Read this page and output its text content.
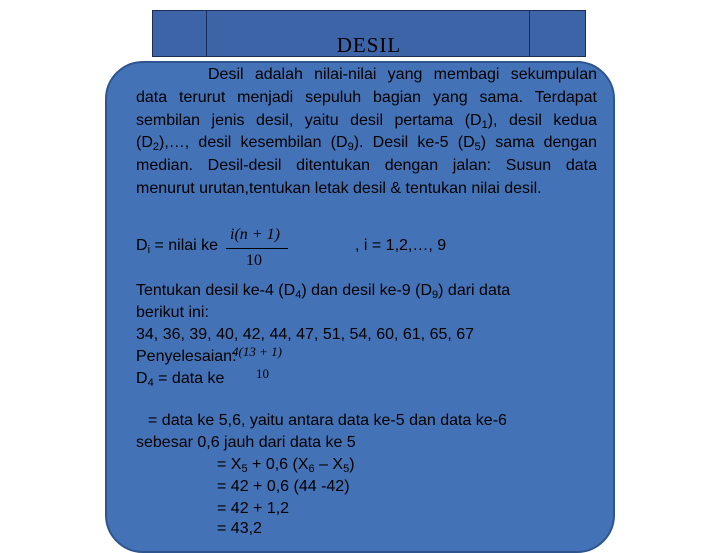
DESIL
Desil adalah nilai-nilai yang membagi sekumpulan data terurut menjadi sepuluh bagian yang sama. Terdapat sembilan jenis desil, yaitu desil pertama $(D_1)$, desil kedua $(D_2),\dots$, desil kesembilan $(D_9)$. Desil ke-5 $(D_5)$ sama dengan median. Desil-desil ditentukan dengan jalan: Susun data menurut urutan,tentukan letak desil & tentukan nilai desil.
$D_i$ = nilai ke
i(n + 1)
10
, i = 1,2,…, 9
Tentukan desil ke-4 $(D_4)$ dan desil ke-9 $(D_9)$ dari data
berikut ini:
34, 36, 39, 40, 42, 44, 47, 51, 54, 60, 61, 65, 67
Penyelesaian:
$D_4$ = data ke
4(13 + 1)
10
= data ke 5,6, yaitu antara data ke-5 dan data ke-6
sebesar 0,6 jauh dari data ke 5
= $X_5 + 0,6$ $(X_6 - X_5)$
= 42 + 0,6 (44 -42)
= 42 + 1,2
= 43,2
